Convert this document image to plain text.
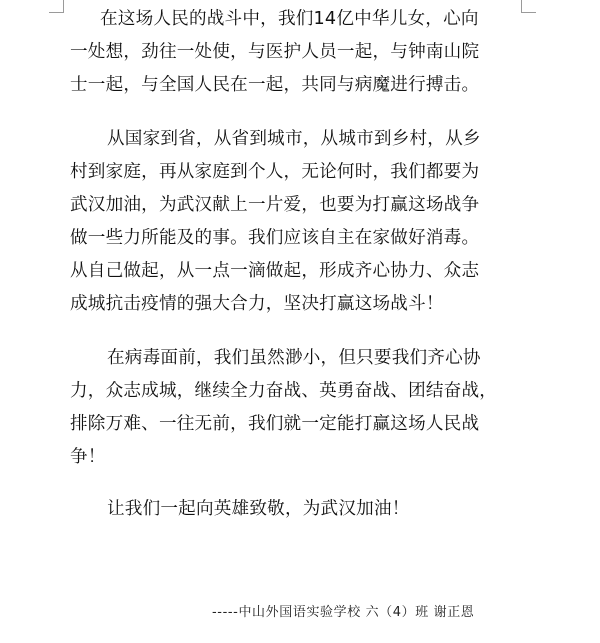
在这场人民的战斗中，我们14亿中华儿女，心向
一处想，劲往一处使，与医护人员一起，与钟南山院
士一起，与全国人民在一起，共同与病魔进行搏击。
从国家到省，从省到城市，从城市到乡村，从乡
村到家庭，再从家庭到个人，无论何时，我们都要为
武汉加油，为武汉献上一片爱，也要为打赢这场战争
做一些力所能及的事。我们应该自主在家做好消毒。
从自己做起，从一点一滴做起，形成齐心协力、众志
成城抗击疫情的强大合力，坚决打赢这场战斗！
在病毒面前，我们虽然渺小，但只要我们齐心协
力，众志成城，继续全力奋战、英勇奋战、团结奋战，
排除万难、一往无前，我们就一定能打赢这场人民战
争！
让我们一起向英雄致敬，为武汉加油！
-----中山外国语实验学校 六（4）班 谢正恩
